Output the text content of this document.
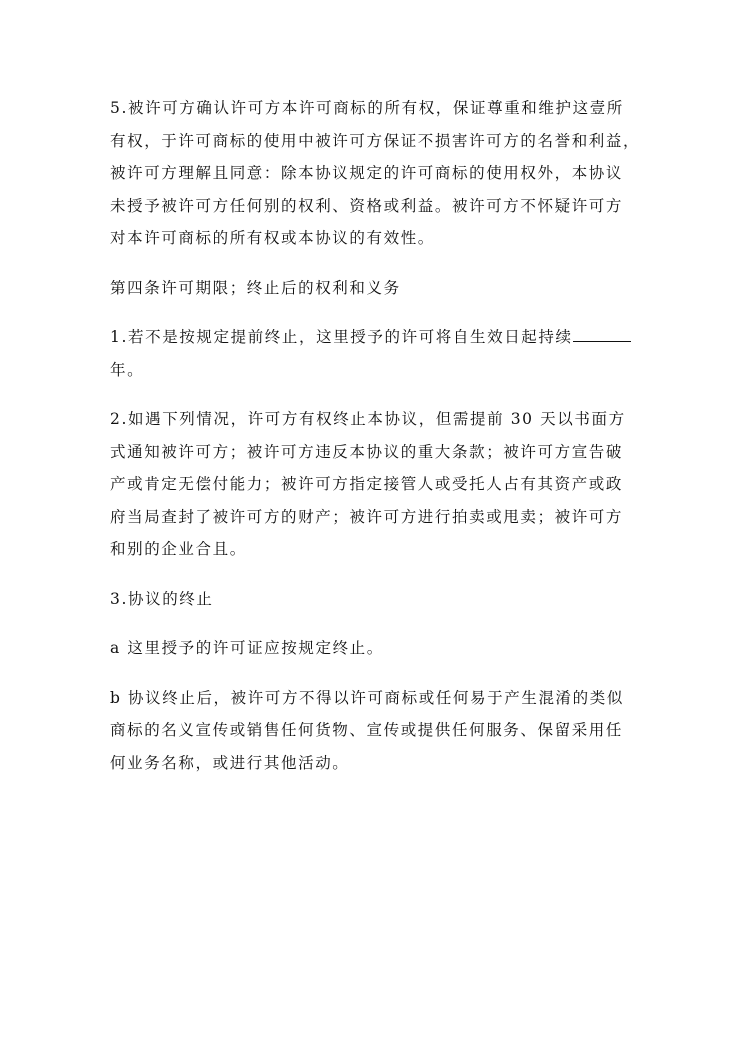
5.被许可方确认许可方本许可商标的所有权，保证尊重和维护这壹所
有权，于许可商标的使用中被许可方保证不损害许可方的名誉和利益，
被许可方理解且同意：除本协议规定的许可商标的使用权外，本协议
未授予被许可方任何别的权利、资格或利益。被许可方不怀疑许可方
对本许可商标的所有权或本协议的有效性。

第四条许可期限；终止后的权利和义务

1.若不是按规定提前终止，这里授予的许可将自生效日起持续
年。

2.如遇下列情况，许可方有权终止本协议，但需提前 30 天以书面方
式通知被许可方；被许可方违反本协议的重大条款；被许可方宣告破
产或肯定无偿付能力；被许可方指定接管人或受托人占有其资产或政
府当局查封了被许可方的财产；被许可方进行拍卖或甩卖；被许可方
和别的企业合且。

3.协议的终止

a 这里授予的许可证应按规定终止。

b 协议终止后，被许可方不得以许可商标或任何易于产生混淆的类似
商标的名义宣传或销售任何货物、宣传或提供任何服务、保留采用任
何业务名称，或进行其他活动。
